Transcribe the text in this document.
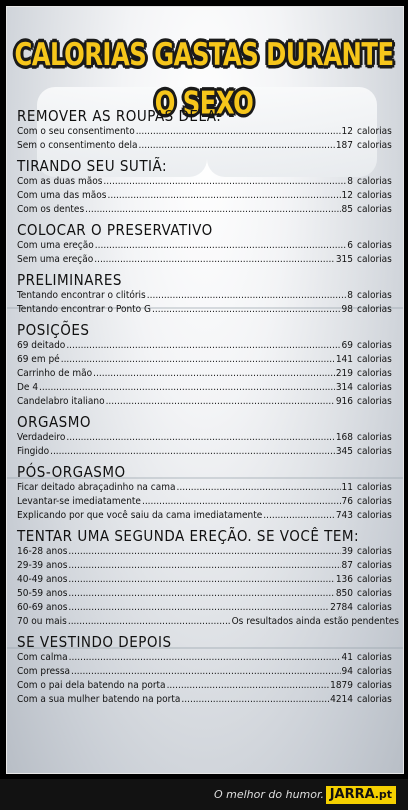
CALORIAS GASTAS DURANTE O SEXO
REMOVER AS ROUPAS DELA:
Com o seu consentimento .....	12 calorias
Sem o consentimento dela .....	187 calorias
TIRANDO SEU SUTIÃ:
Com as duas mãos .....	8 calorias
Com uma das mãos .....	12 calorias
Com os dentes .....	85 calorias
COLOCAR O PRESERVATIVO
Com uma ereção .....	6 calorias
Sem uma ereção .....	315 calorias
PRELIMINARES
Tentando encontrar o clitóris .....	8 calorias
Tentando encontrar o Ponto G .....	98 calorias
POSIÇÕES
69 deitado .....	69 calorias
69 em pé .....	141 calorias
Carrinho de mão .....	219 calorias
De 4 .....	314 calorias
Candelabro italiano .....	916 calorias
ORGASMO
Verdadeiro .....	168 calorias
Fingido .....	345 calorias
PÓS-ORGASMO
Ficar deitado abraçadinho na cama .....	11 calorias
Levantar-se imediatamente .....	76 calorias
Explicando por que você saiu da cama imediatamente .....	743 calorias
TENTAR UMA SEGUNDA EREÇÃO. SE VOCÊ TEM:
16-28 anos .....	39 calorias
29-39 anos .....	87 calorias
40-49 anos .....	136 calorias
50-59 anos .....	850 calorias
60-69 anos .....	2784 calorias
70 ou mais .....	Os resultados ainda estão pendentes
SE VESTINDO DEPOIS
Com calma .....	41 calorias
Com pressa .....	94 calorias
Com o pai dela batendo na porta .....	1879 calorias
Com a sua mulher batendo na porta .....	4214 calorias
O melhor do humor. JARRA.pt
